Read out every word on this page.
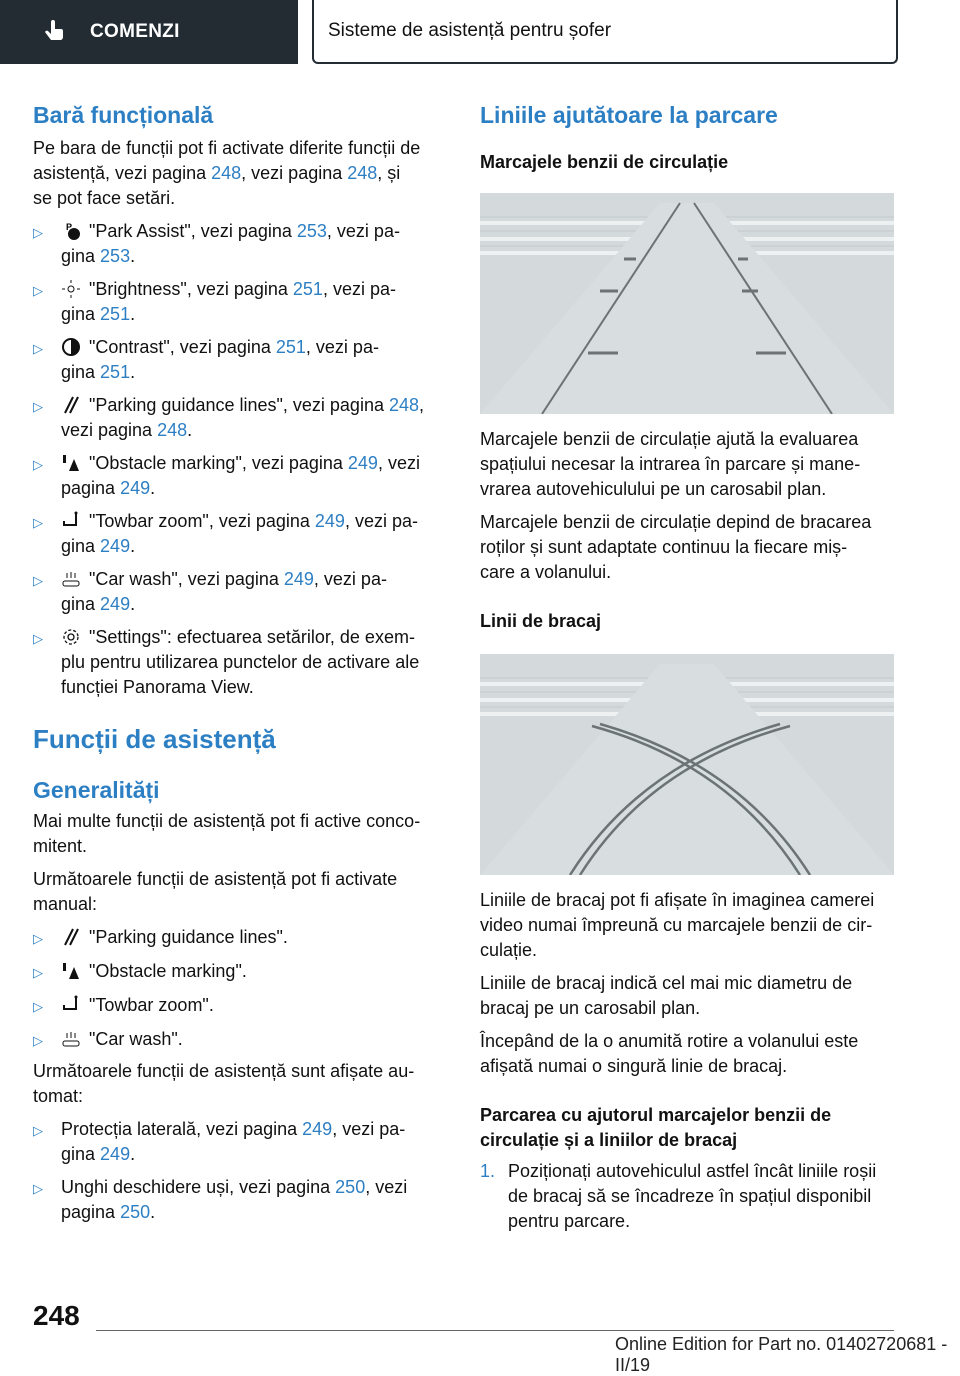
COMENZI	Sisteme de asistență pentru șofer
Bară funcțională

Pe bara de funcții pot fi activate diferite funcții de
asistență, vezi pagina 248, vezi pagina 248, și
se pot face setări.

▷	P "Park Assist", vezi pagina 253, vezi pa-
gina 253.
▷	"Brightness", vezi pagina 251, vezi pa-
gina 251.
▷	"Contrast", vezi pagina 251, vezi pa-
gina 251.
▷	"Parking guidance lines", vezi pagina 248,
vezi pagina 248.
▷	"Obstacle marking", vezi pagina 249, vezi
pagina 249.
▷	"Towbar zoom", vezi pagina 249, vezi pa-
gina 249.
▷	"Car wash", vezi pagina 249, vezi pa-
gina 249.
▷	"Settings": efectuarea setărilor, de exem-
plu pentru utilizarea punctelor de activare ale
funcției Panorama View.
Funcții de asistență
Generalități

Mai multe funcții de asistență pot fi active conco-
mitent.

Următoarele funcții de asistență pot fi activate
manual:

▷	"Parking guidance lines".
▷	"Obstacle marking".
▷	"Towbar zoom".
▷	"Car wash".

Următoarele funcții de asistență sunt afișate au-
tomat:

▷	Protecția laterală, vezi pagina 249, vezi pa-
gina 249.
▷	Unghi deschidere uși, vezi pagina 250, vezi
pagina 250.
Liniile ajutătoare la parcare
Marcajele benzii de circulație

Marcajele benzii de circulație ajută la evaluarea
spațiului necesar la intrarea în parcare și mane-
vrarea autovehiculului pe un carosabil plan.

Marcajele benzii de circulație depind de bracarea
roților și sunt adaptate continuu la fiecare miș-
care a volanului.

Linii de bracaj

Liniile de bracaj pot fi afișate în imaginea camerei
video numai împreună cu marcajele benzii de cir-
culație.

Liniile de bracaj indică cel mai mic diametru de
bracaj pe un carosabil plan.

Începând de la o anumită rotire a volanului este
afișată numai o singură linie de bracaj.

Parcarea cu ajutorul marcajelor benzii de
circulație și a liniilor de bracaj
1. Poziționați autovehiculul astfel încât liniile roșii
de bracaj să se încadreze în spațiul disponibil
pentru parcare.
248
Online Edition for Part no. 01402720681 - II/19
